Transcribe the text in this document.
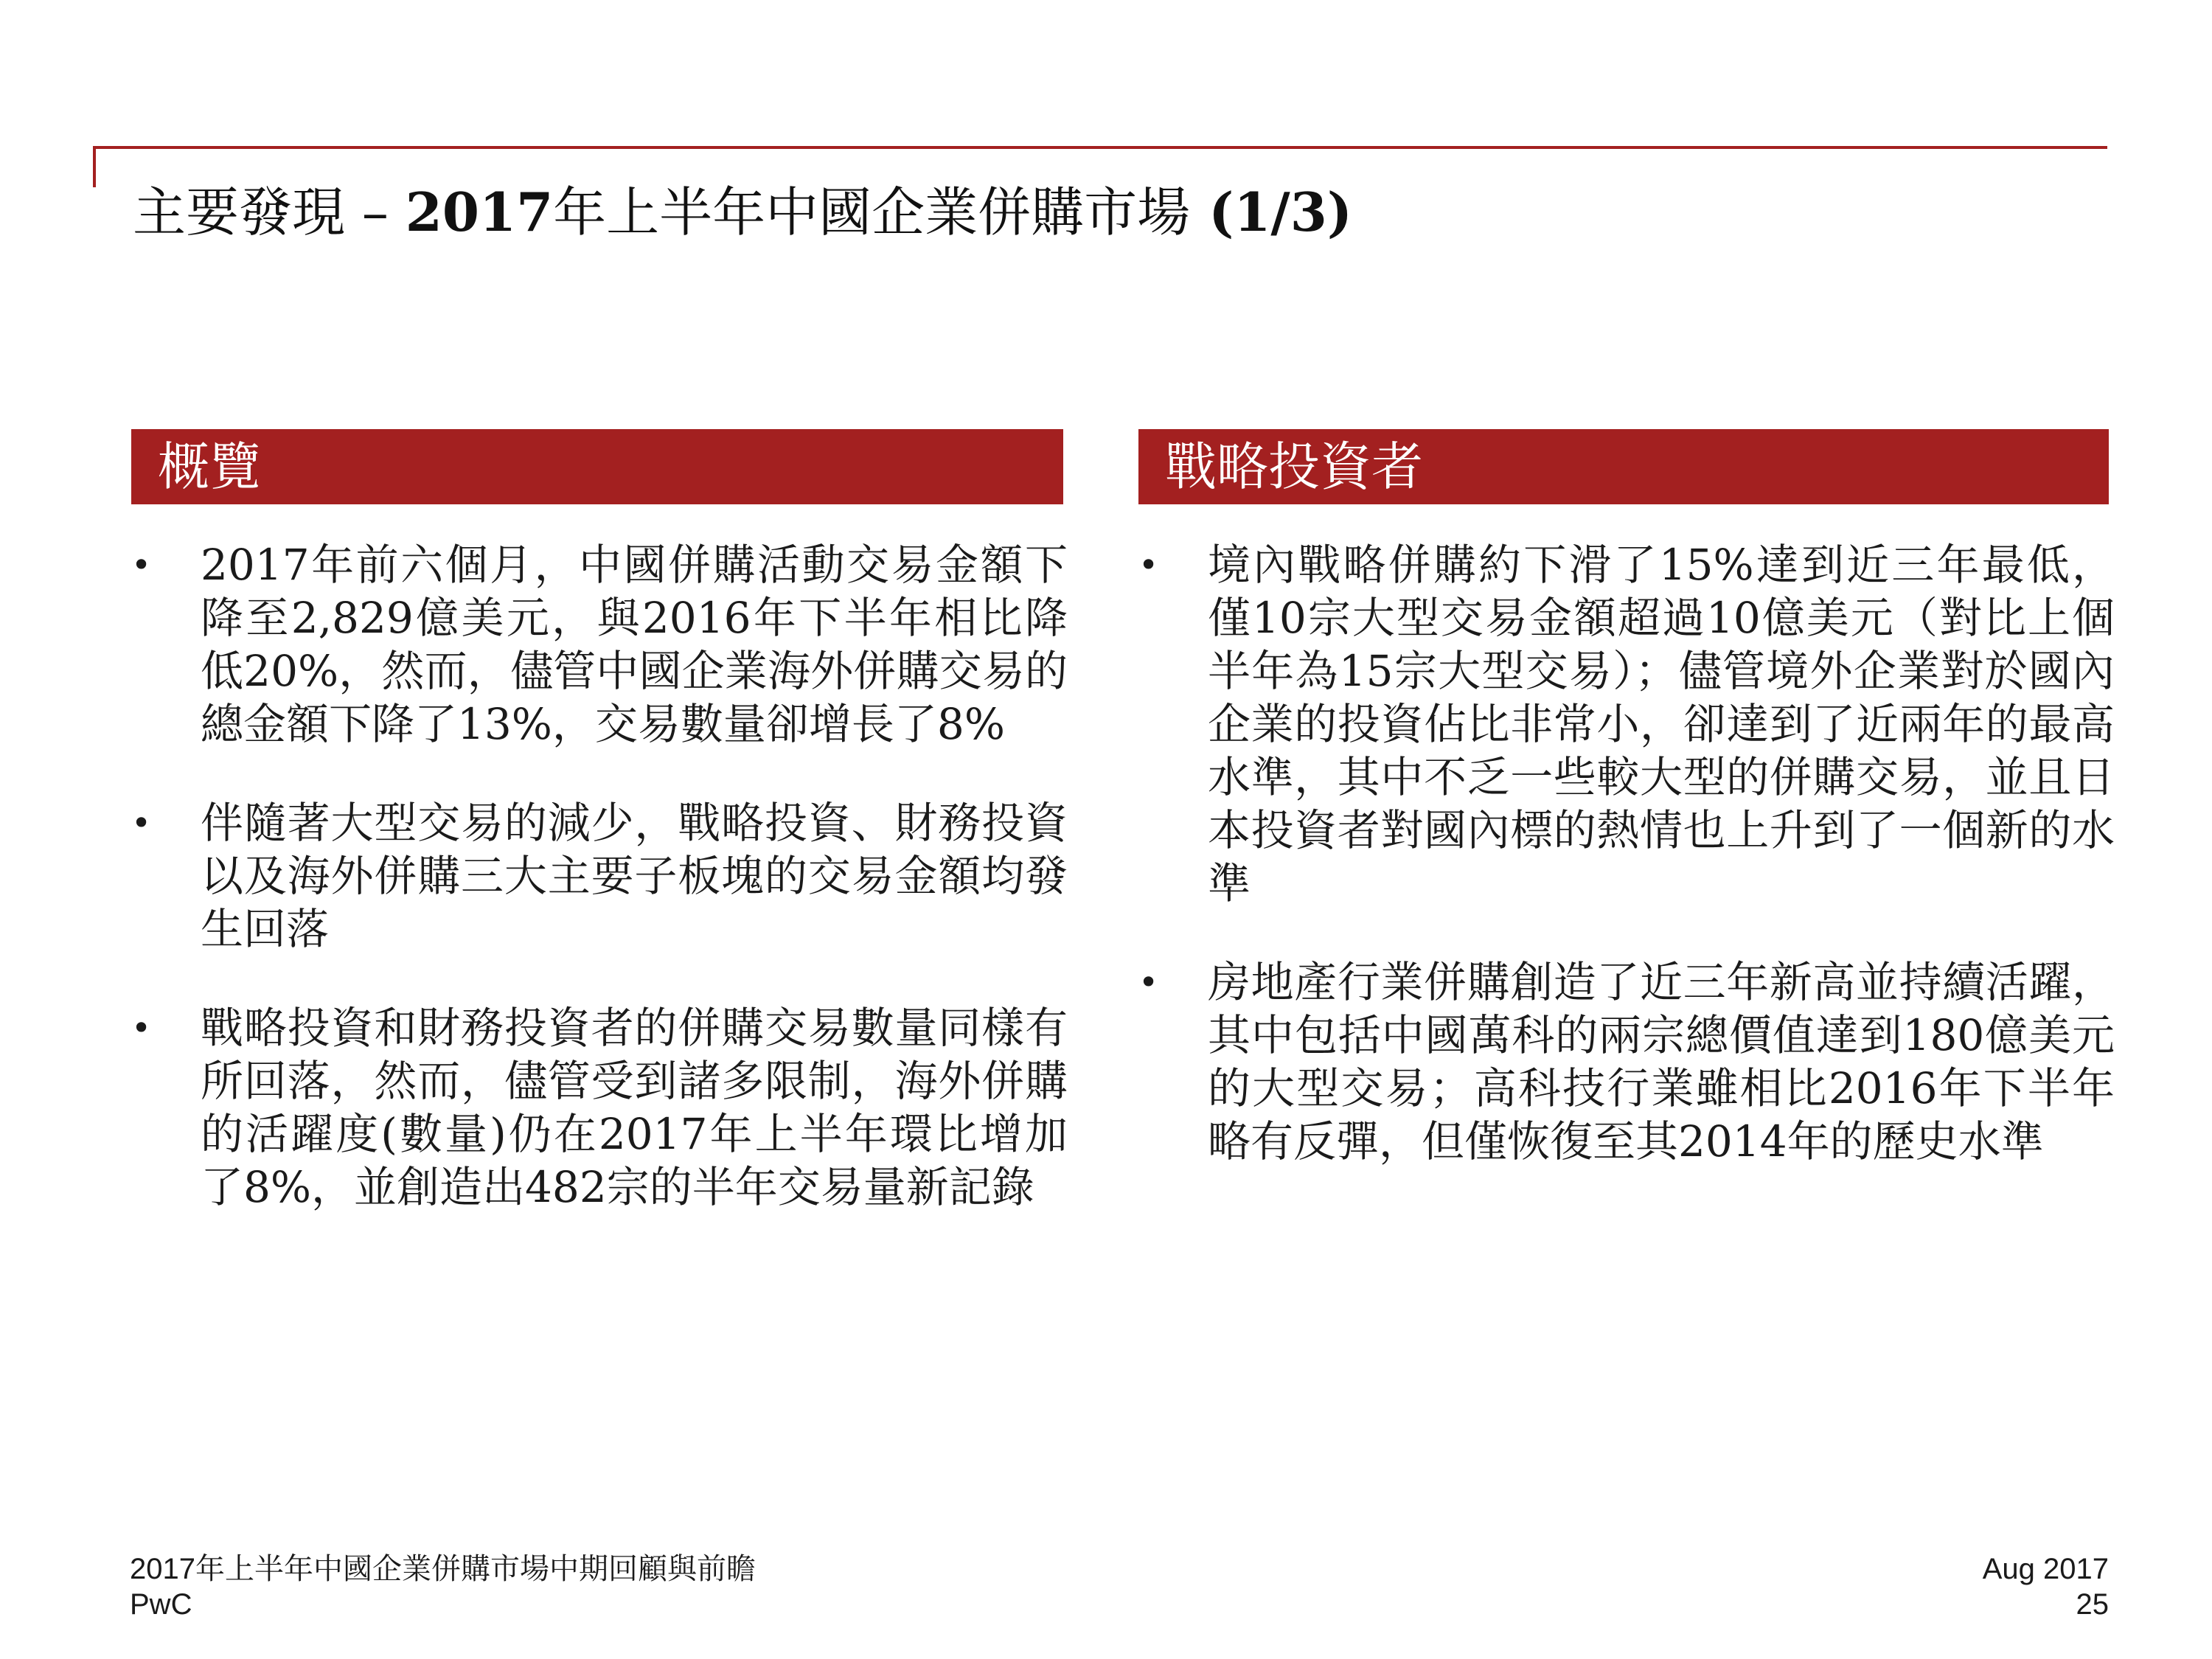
主要發現 – 2017年上半年中國企業併購市場 (1/3)
概覽	戰略投資者
• 2017年前六個月，中國併購活動交易金額下降至2,829億美元，與2016年下半年相比降低20%，然而，儘管中國企業海外併購交易的總金額下降了13%，交易數量卻增長了8%
• 伴隨著大型交易的減少，戰略投資、財務投資以及海外併購三大主要子板塊的交易金額均發生回落
• 戰略投資和財務投資者的併購交易數量同樣有所回落，然而，儘管受到諸多限制，海外併購的活躍度(數量)仍在2017年上半年環比增加了8%，並創造出482宗的半年交易量新記錄
• 境內戰略併購約下滑了15%達到近三年最低，僅10宗大型交易金額超過10億美元（對比上個半年為15宗大型交易）；儘管境外企業對於國內企業的投資佔比非常小，卻達到了近兩年的最高水準，其中不乏一些較大型的併購交易，並且日本投資者對國內標的熱情也上升到了一個新的水準
• 房地產行業併購創造了近三年新高並持續活躍，其中包括中國萬科的兩宗總價值達到180億美元的大型交易；高科技行業雖相比2016年下半年略有反彈，但僅恢復至其2014年的歷史水準
2017年上半年中國企業併購市場中期回顧與前瞻
PwC
Aug 2017
25
